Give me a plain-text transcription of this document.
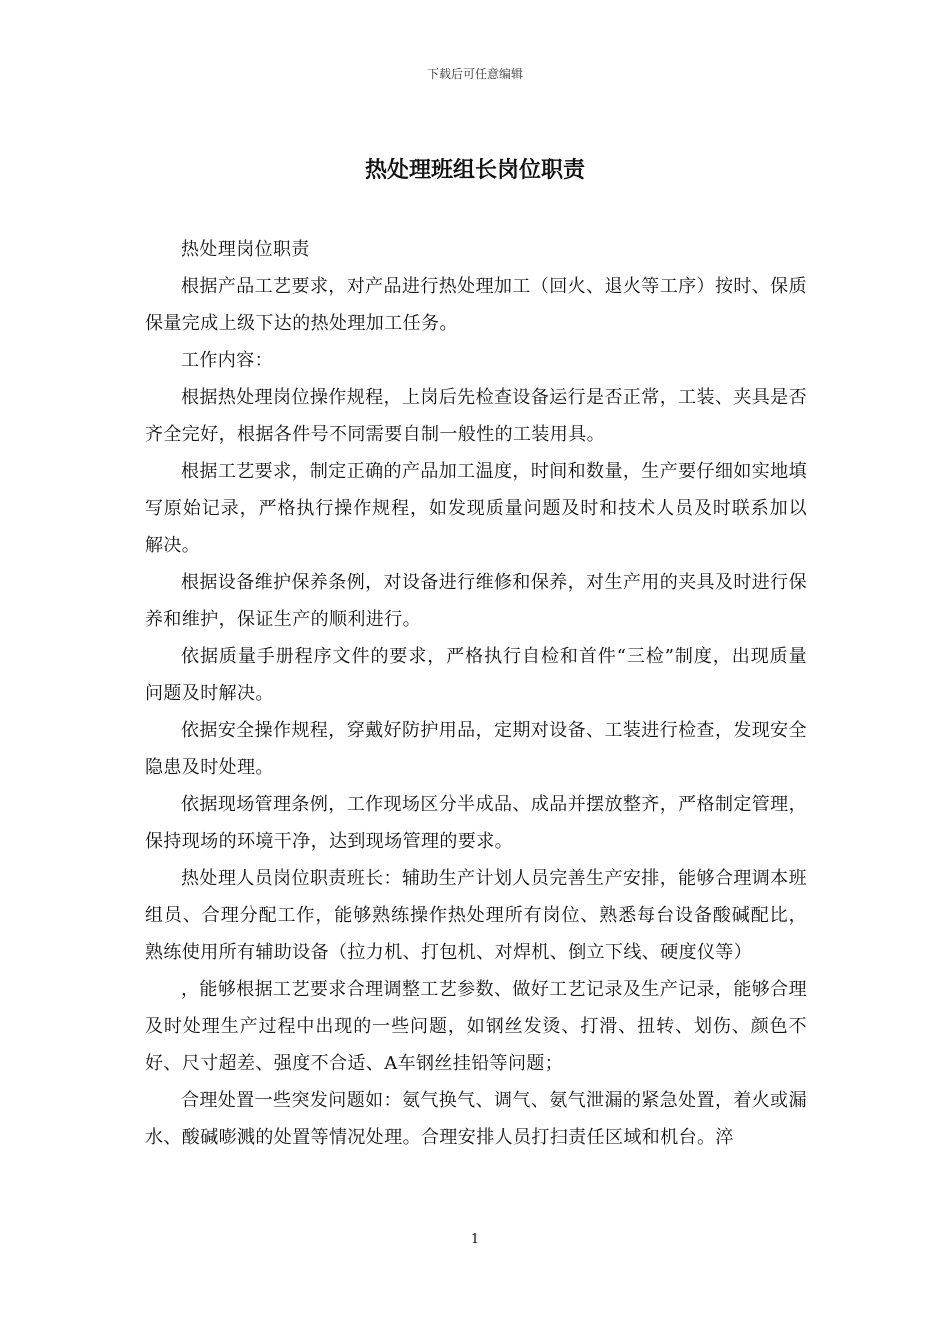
下载后可任意编辑
热处理班组长岗位职责

热处理岗位职责

根据产品工艺要求，对产品进行热处理加工（回火、退火等工序）按时、保质保量完成上级下达的热处理加工任务。

工作内容：

根据热处理岗位操作规程，上岗后先检查设备运行是否正常，工装、夹具是否齐全完好，根据各件号不同需要自制一般性的工装用具。

根据工艺要求，制定正确的产品加工温度，时间和数量，生产要仔细如实地填写原始记录，严格执行操作规程，如发现质量问题及时和技术人员及时联系加以解决。

根据设备维护保养条例，对设备进行维修和保养，对生产用的夹具及时进行保养和维护，保证生产的顺利进行。

依据质量手册程序文件的要求，严格执行自检和首件“三检”制度，出现质量问题及时解决。

依据安全操作规程，穿戴好防护用品，定期对设备、工装进行检查，发现安全隐患及时处理。

依据现场管理条例，工作现场区分半成品、成品并摆放整齐，严格制定管理，保持现场的环境干净，达到现场管理的要求。

热处理人员岗位职责班长：辅助生产计划人员完善生产安排，能够合理调本班组员、合理分配工作，能够熟练操作热处理所有岗位、熟悉每台设备酸碱配比，熟练使用所有辅助设备（拉力机、打包机、对焊机、倒立下线、硬度仪等）

，能够根据工艺要求合理调整工艺参数、做好工艺记录及生产记录，能够合理及时处理生产过程中出现的一些问题，如钢丝发烫、打滑、扭转、划伤、颜色不好、尺寸超差、强度不合适、A车钢丝挂铅等问题；

合理处置一些突发问题如：氨气换气、调气、氨气泄漏的紧急处置，着火或漏水、酸碱嘭溅的处置等情况处理。合理安排人员打扫责任区域和机台。淬

1
